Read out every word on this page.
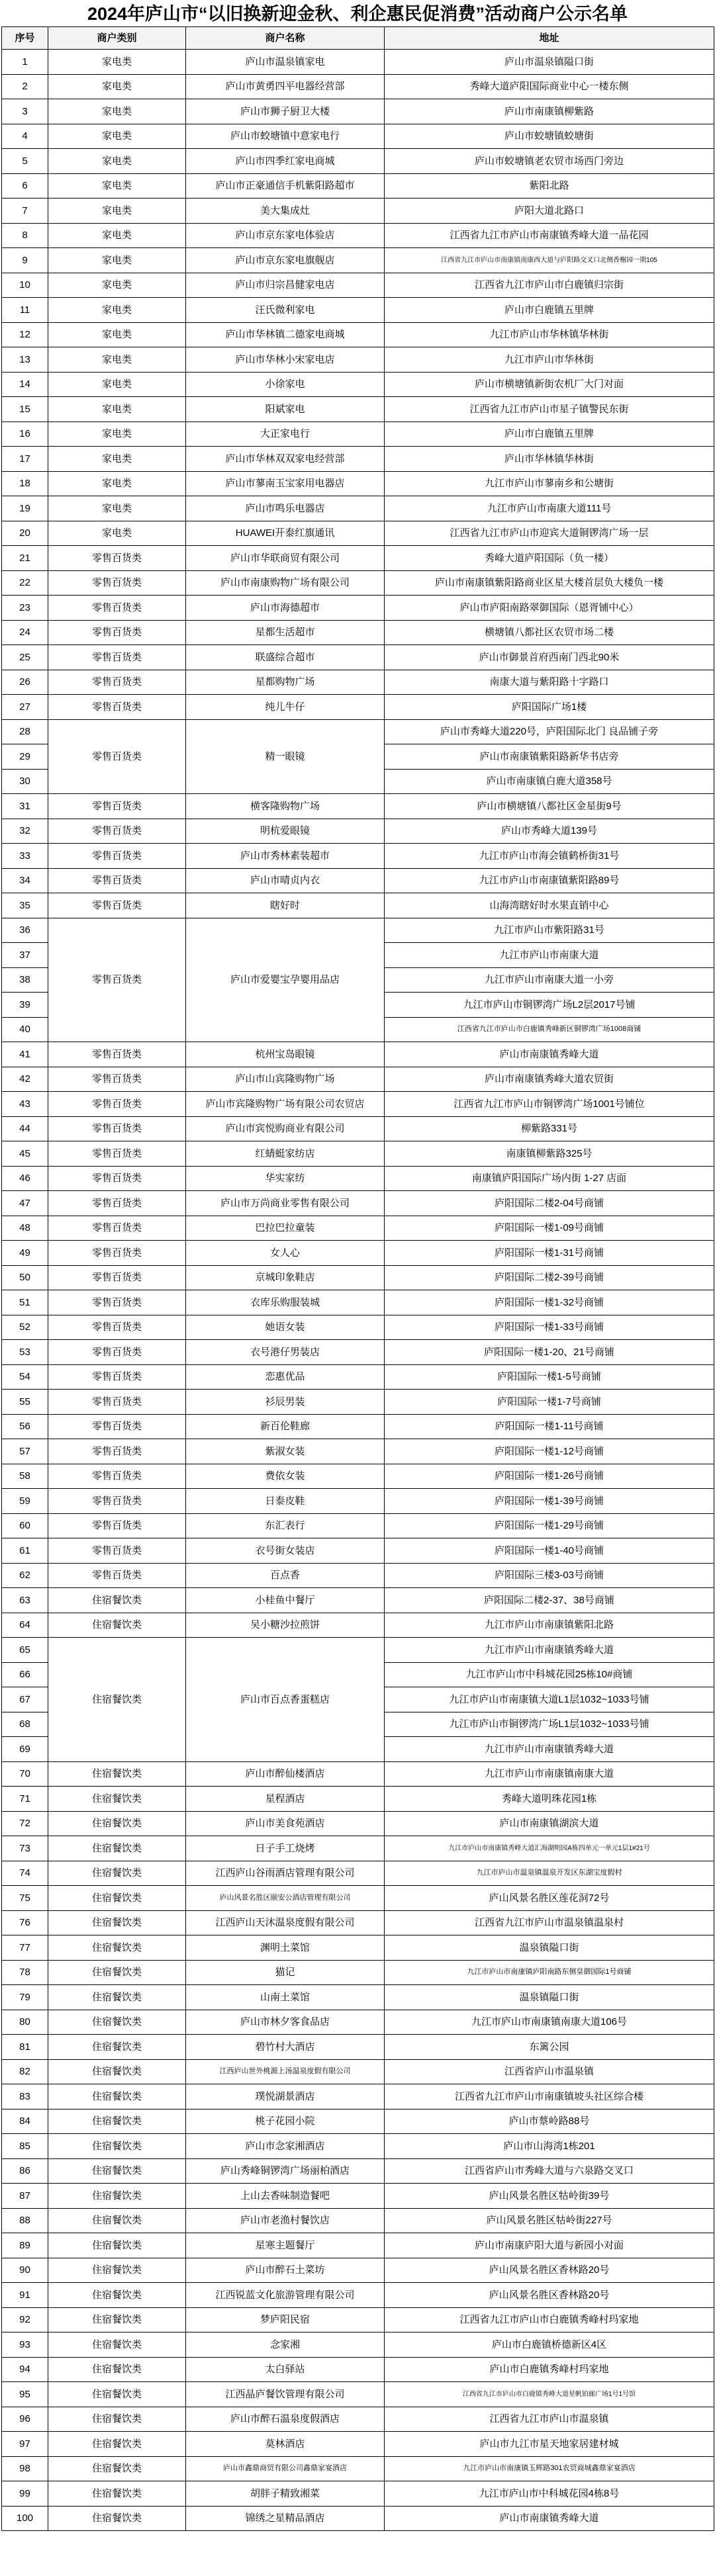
2024年庐山市“以旧换新迎金秋、利企惠民促消费”活动商户公示名单
序号	商户类别	商户名称	地址
1	家电类	庐山市温泉镇家电	庐山市温泉镇隘口街
2	家电类	庐山市黄勇四平电器经营部	秀峰大道庐阳国际商业中心一楼东侧
3	家电类	庐山市狮子厨卫大楼	庐山市南康镇柳紫路
4	家电类	庐山市蛟塘镇中意家电行	庐山市蛟塘镇蛟塘街
5	家电类	庐山市四季红家电商城	庐山市蛟塘镇老农贸市场西门旁边
6	家电类	庐山市正豪通信手机紫阳路超市	紫阳北路
7	家电类	美大集成灶	庐阳大道北路口
8	家电类	庐山市京东家电体验店	江西省九江市庐山市南康镇秀峰大道一品花园
9	家电类	庐山市京东家电旗舰店	江西省九江市庐山市南康镇南康西大道与庐阳路交叉口北侧香榭园一期105
10	家电类	庐山市归宗昌健家电店	江西省九江市庐山市白鹿镇归宗街
11	家电类	汪氏微利家电	庐山市白鹿镇五里牌
12	家电类	庐山市华林镇二德家电商城	九江市庐山市华林镇华林街
13	家电类	庐山市华林小宋家电店	九江市庐山市华林街
14	家电类	小徐家电	庐山市横塘镇新街农机厂大门对面
15	家电类	阳斌家电	江西省九江市庐山市星子镇警民东街
16	家电类	大正家电行	庐山市白鹿镇五里牌
17	家电类	庐山市华林双双家电经营部	庐山市华林镇华林街
18	家电类	庐山市蓼南玉宝家用电器店	九江市庐山市蓼南乡和公塘街
19	家电类	庐山市鸣乐电器店	九江市庐山市南康大道111号
20	家电类	HUAWEI开泰红旗通讯	江西省九江市庐山市迎宾大道铜锣湾广场一层
21	零售百货类	庐山市华联商贸有限公司	秀峰大道庐阳国际（负一楼）
22	零售百货类	庐山市南康购物广场有限公司	庐山市南康镇紫阳路商业区星大楼首层负大楼负一楼
23	零售百货类	庐山市海德超市	庐山市庐阳南路翠御国际（恩胥铺中心）
24	零售百货类	星都生活超市	横塘镇八都社区农贸市场二楼
25	零售百货类	联盛综合超市	庐山市御景首府西南门西北90米
26	零售百货类	星都购物广场	南康大道与紫阳路十字路口
27	零售百货类	纯儿牛仔	庐阳国际广场1楼
28	零售百货类	精一眼镜	庐山市秀峰大道220号，庐阳国际北门 良品铺子旁
29			庐山市南康镇紫阳路新华书店旁
30			庐山市南康镇白鹿大道358号
31	零售百货类	横客隆购物广场	庐山市横塘镇八都社区金星街9号
32	零售百货类	明杭爱眼镜	庐山市秀峰大道139号
33	零售百货类	庐山市秀林素装超市	九江市庐山市海会镇鹤桥街31号
34	零售百货类	庐山市晴贞内衣	九江市庐山市南康镇紫阳路89号
35	零售百货类	瞎好时	山海湾瞎好时水果直销中心
36	零售百货类	庐山市爱婴宝孕婴用品店	九江市庐山市紫阳路31号
37			九江市庐山市南康大道
38			九江市庐山市南康大道一小旁
39			九江市庐山市铜锣湾广场L2层2017号铺
40			江西省九江市庐山市白鹿镇秀峰新区铜锣湾广场1008商铺
41	零售百货类	杭州宝岛眼镜	庐山市南康镇秀峰大道
42	零售百货类	庐山市山宾隆购物广场	庐山市南康镇秀峰大道农贸街
43	零售百货类	庐山市宾隆购物广场有限公司农贸店	江西省九江市庐山市铜锣湾广场1001号铺位
44	零售百货类	庐山市宾悦购商业有限公司	柳紫路331号
45	零售百货类	红蜻蜓家纺店	南康镇柳紫路325号
46	零售百货类	华实家纺	南康镇庐阳国际广场内街 1-27 店面
47	零售百货类	庐山市万尚商业零售有限公司	庐阳国际二楼2-04号商铺
48	零售百货类	巴拉巴拉童装	庐阳国际一楼1-09号商铺
49	零售百货类	女人心	庐阳国际一楼1-31号商铺
50	零售百货类	京城印象鞋店	庐阳国际二楼2-39号商铺
51	零售百货类	衣库乐购服装城	庐阳国际一楼1-32号商铺
52	零售百货类	她语女装	庐阳国际一楼1-33号商铺
53	零售百货类	衣号港仔男装店	庐阳国际一楼1-20、21号商铺
54	零售百货类	恋惠优品	庐阳国际一楼1-5号商铺
55	零售百货类	衫辰男装	庐阳国际一楼1-7号商铺
56	零售百货类	新百伦鞋廊	庐阳国际一楼1-11号商铺
57	零售百货类	紫淑女装	庐阳国际一楼1-12号商铺
58	零售百货类	费依女装	庐阳国际一楼1-26号商铺
59	零售百货类	日泰皮鞋	庐阳国际一楼1-39号商铺
60	零售百货类	东汇表行	庐阳国际一楼1-29号商铺
61	零售百货类	衣号街女装店	庐阳国际一楼1-40号商铺
62	零售百货类	百点香	庐阳国际三楼3-03号商铺
63	住宿餐饮类	小桂鱼中餐厅	庐阳国际二楼2-37、38号商铺
64	住宿餐饮类	吴小糖沙拉煎饼	九江市庐山市南康镇紫阳北路
65	住宿餐饮类	庐山市百点香蛋糕店	九江市庐山市南康镇秀峰大道
66			九江市庐山市中科城花园25栋10#商铺
67			九江市庐山市南康镇大道L1层1032~1033号铺
68			九江市庐山市铜锣湾广场L1层1032~1033号铺
69			九江市庐山市南康镇秀峰大道
70	住宿餐饮类	庐山市醉仙楼酒店	九江市庐山市南康镇南康大道
71	住宿餐饮类	星程酒店	秀峰大道明珠花园1栋
72	住宿餐饮类	庐山市美食苑酒店	庐山市南康镇湖滨大道
73	住宿餐饮类	日子手工烧烤	九江市庐山市南康镇秀峰大道汇海湖明园A栋四单元一单元1层1#21号
74	住宿餐饮类	江西庐山谷雨酒店管理有限公司	九江市庐山市温泉镇温泉开发区东湖宝度假村
75	住宿餐饮类	庐山风景名胜区颐安公酒店管理有限公司	庐山风景名胜区莲花洞72号
76	住宿餐饮类	江西庐山天沐温泉度假有限公司	江西省九江市庐山市温泉镇温泉村
77	住宿餐饮类	渊明土菜馆	温泉镇隘口街
78	住宿餐饮类	猫记	九江市庐山市南康镇庐阳南路东侧皇御国际1号商铺
79	住宿餐饮类	山南土菜馆	温泉镇隘口街
80	住宿餐饮类	庐山市林夕客食品店	九江市庐山市南康镇南康大道106号
81	住宿餐饮类	碧竹村大酒店	东篱公园
82	住宿餐饮类	江西庐山世外桃源上汤温泉度假有限公司	江西省庐山市温泉镇
83	住宿餐饮类	璞悦湖景酒店	江西省九江市庐山市南康镇坡头社区综合楼
84	住宿餐饮类	桃子花园小院	庐山市蔡岭路88号
85	住宿餐饮类	庐山市念家湘酒店	庐山市山海湾1栋201
86	住宿餐饮类	庐山秀峰铜锣湾广场丽柏酒店	江西省庐山市秀峰大道与六泉路交叉口
87	住宿餐饮类	上山去香味制造餐吧	庐山风景名胜区牯岭街39号
88	住宿餐饮类	庐山市老渔村餐饮店	庐山风景名胜区牯岭街227号
89	住宿餐饮类	星寒主题餐厅	庐山市南康庐阳大道与新园小对面
90	住宿餐饮类	庐山市醉石土菜坊	庐山风景名胜区香林路20号
91	住宿餐饮类	江西锐蓝文化旅游管理有限公司	庐山风景名胜区香林路20号
92	住宿餐饮类	梦庐阳民宿	江西省九江市庐山市白鹿镇秀峰村玛家地
93	住宿餐饮类	念家湘	庐山市白鹿镇桥德新区4区
94	住宿餐饮类	太白驿站	庐山市白鹿镇秀峰村玛家地
95	住宿餐饮类	江西晶庐餐饮管理有限公司	江西省九江市庐山市白鹿镇秀峰大道星帆铂廊广场1号1号馆
96	住宿餐饮类	庐山市醉石温泉度假酒店	江西省九江市庐山市温泉镇
97	住宿餐饮类	莫林酒店	庐山市九江市星天地家居建材城
98	住宿餐饮类	庐山市鑫鼎商贸有限公司鑫鼎家宴酒店	九江市庐山市南康镇玉辉路301农贸商城鑫鼎家宴酒店
99	住宿餐饮类	胡胖子精致湘菜	九江市庐山市中科城花园4栋8号
100	住宿餐饮类	锦绣之星精品酒店	庐山市南康镇秀峰大道
